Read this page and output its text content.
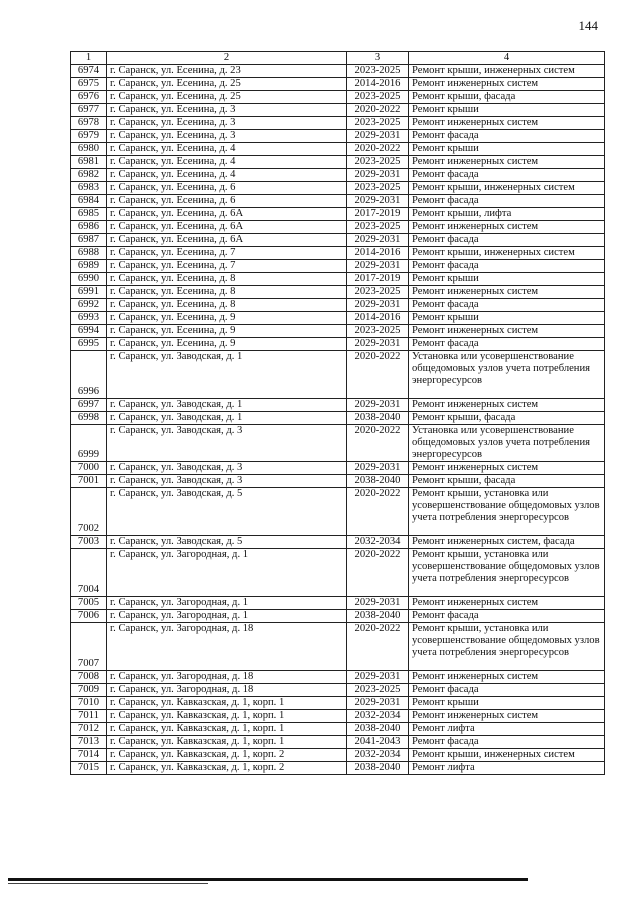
144
1	2	3	4
6974	г. Саранск, ул. Есенина, д. 23	2023-2025	Ремонт крыши, инженерных систем
6975	г. Саранск, ул. Есенина, д. 25	2014-2016	Ремонт инженерных систем
6976	г. Саранск, ул. Есенина, д. 25	2023-2025	Ремонт крыши, фасада
6977	г. Саранск, ул. Есенина, д. 3	2020-2022	Ремонт крыши
6978	г. Саранск, ул. Есенина, д. 3	2023-2025	Ремонт инженерных систем
6979	г. Саранск, ул. Есенина, д. 3	2029-2031	Ремонт фасада
6980	г. Саранск, ул. Есенина, д. 4	2020-2022	Ремонт крыши
6981	г. Саранск, ул. Есенина, д. 4	2023-2025	Ремонт инженерных систем
6982	г. Саранск, ул. Есенина, д. 4	2029-2031	Ремонт фасада
6983	г. Саранск, ул. Есенина, д. 6	2023-2025	Ремонт крыши, инженерных систем
6984	г. Саранск, ул. Есенина, д. 6	2029-2031	Ремонт фасада
6985	г. Саранск, ул. Есенина, д. 6А	2017-2019	Ремонт крыши, лифта
6986	г. Саранск, ул. Есенина, д. 6А	2023-2025	Ремонт инженерных систем
6987	г. Саранск, ул. Есенина, д. 6А	2029-2031	Ремонт фасада
6988	г. Саранск, ул. Есенина, д. 7	2014-2016	Ремонт крыши, инженерных систем
6989	г. Саранск, ул. Есенина, д. 7	2029-2031	Ремонт фасада
6990	г. Саранск, ул. Есенина, д. 8	2017-2019	Ремонт крыши
6991	г. Саранск, ул. Есенина, д. 8	2023-2025	Ремонт инженерных систем
6992	г. Саранск, ул. Есенина, д. 8	2029-2031	Ремонт фасада
6993	г. Саранск, ул. Есенина, д. 9	2014-2016	Ремонт крыши
6994	г. Саранск, ул. Есенина, д. 9	2023-2025	Ремонт инженерных систем
6995	г. Саранск, ул. Есенина, д. 9	2029-2031	Ремонт фасада
6996	г. Саранск, ул. Заводская, д. 1	2020-2022	Установка или усовершенствование общедомовых узлов учета потребления энергоресурсов
6997	г. Саранск, ул. Заводская, д. 1	2029-2031	Ремонт инженерных систем
6998	г. Саранск, ул. Заводская, д. 1	2038-2040	Ремонт крыши, фасада
6999	г. Саранск, ул. Заводская, д. 3	2020-2022	Установка или усовершенствование общедомовых узлов учета потребления энергоресурсов
7000	г. Саранск, ул. Заводская, д. 3	2029-2031	Ремонт инженерных систем
7001	г. Саранск, ул. Заводская, д. 3	2038-2040	Ремонт крыши, фасада
7002	г. Саранск, ул. Заводская, д. 5	2020-2022	Ремонт крыши, установка или усовершенствование общедомовых узлов учета потребления энергоресурсов
7003	г. Саранск, ул. Заводская, д. 5	2032-2034	Ремонт инженерных систем, фасада
7004	г. Саранск, ул. Загородная, д. 1	2020-2022	Ремонт крыши, установка или усовершенствование общедомовых узлов учета потребления энергоресурсов
7005	г. Саранск, ул. Загородная, д. 1	2029-2031	Ремонт инженерных систем
7006	г. Саранск, ул. Загородная, д. 1	2038-2040	Ремонт фасада
7007	г. Саранск, ул. Загородная, д. 18	2020-2022	Ремонт крыши, установка или усовершенствование общедомовых узлов учета потребления энергоресурсов
7008	г. Саранск, ул. Загородная, д. 18	2029-2031	Ремонт инженерных систем
7009	г. Саранск, ул. Загородная, д. 18	2023-2025	Ремонт фасада
7010	г. Саранск, ул. Кавказская, д. 1, корп. 1	2029-2031	Ремонт крыши
7011	г. Саранск, ул. Кавказская, д. 1, корп. 1	2032-2034	Ремонт инженерных систем
7012	г. Саранск, ул. Кавказская, д. 1, корп. 1	2038-2040	Ремонт лифта
7013	г. Саранск, ул. Кавказская, д. 1, корп. 1	2041-2043	Ремонт фасада
7014	г. Саранск, ул. Кавказская, д. 1, корп. 2	2032-2034	Ремонт крыши, инженерных систем
7015	г. Саранск, ул. Кавказская, д. 1, корп. 2	2038-2040	Ремонт лифта
